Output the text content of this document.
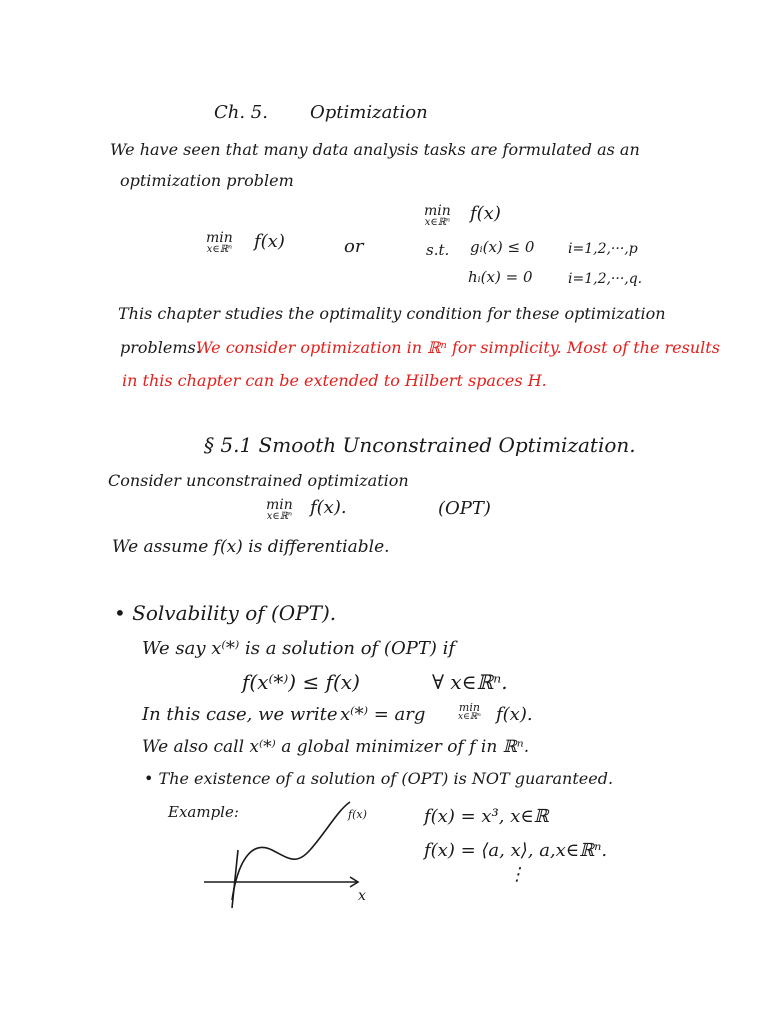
Ch. 5. Optimization
We have seen that many data analysis tasks are formulated as an
optimization problem
min
x∈ℝⁿ f(x)	or
min
x∈ℝⁿ f(x)
s.t. gᵢ(x) ≤ 0 i=1,2,···,p
hᵢ(x) = 0	i=1,2,···,q.
This chapter studies the optimality condition for these optimization
problems.
We consider optimization in ℝⁿ for simplicity. Most of the results
in this chapter can be extended to Hilbert spaces H.
§ 5.1 Smooth Unconstrained Optimization.
Consider unconstrained optimization
min
x∈ℝⁿ f(x).	(OPT)
We assume f(x) is differentiable.
• Solvability of (OPT).
We say x⁽*⁾ is a solution of (OPT) if
f(x⁽*⁾) ≤ f(x)	∀ x∈ℝⁿ.
In this case, we write x⁽*⁾ = arg	min
x∈ℝⁿ f(x).
We also call x⁽*⁾ a global minimizer of f in ℝⁿ.
• The existence of a solution of (OPT) is NOT guaranteed.
Example:	f(x)
x
f(x) = x³, x∈ℝ
f(x) = ⟨a, x⟩, a,x∈ℝⁿ.
⋮
